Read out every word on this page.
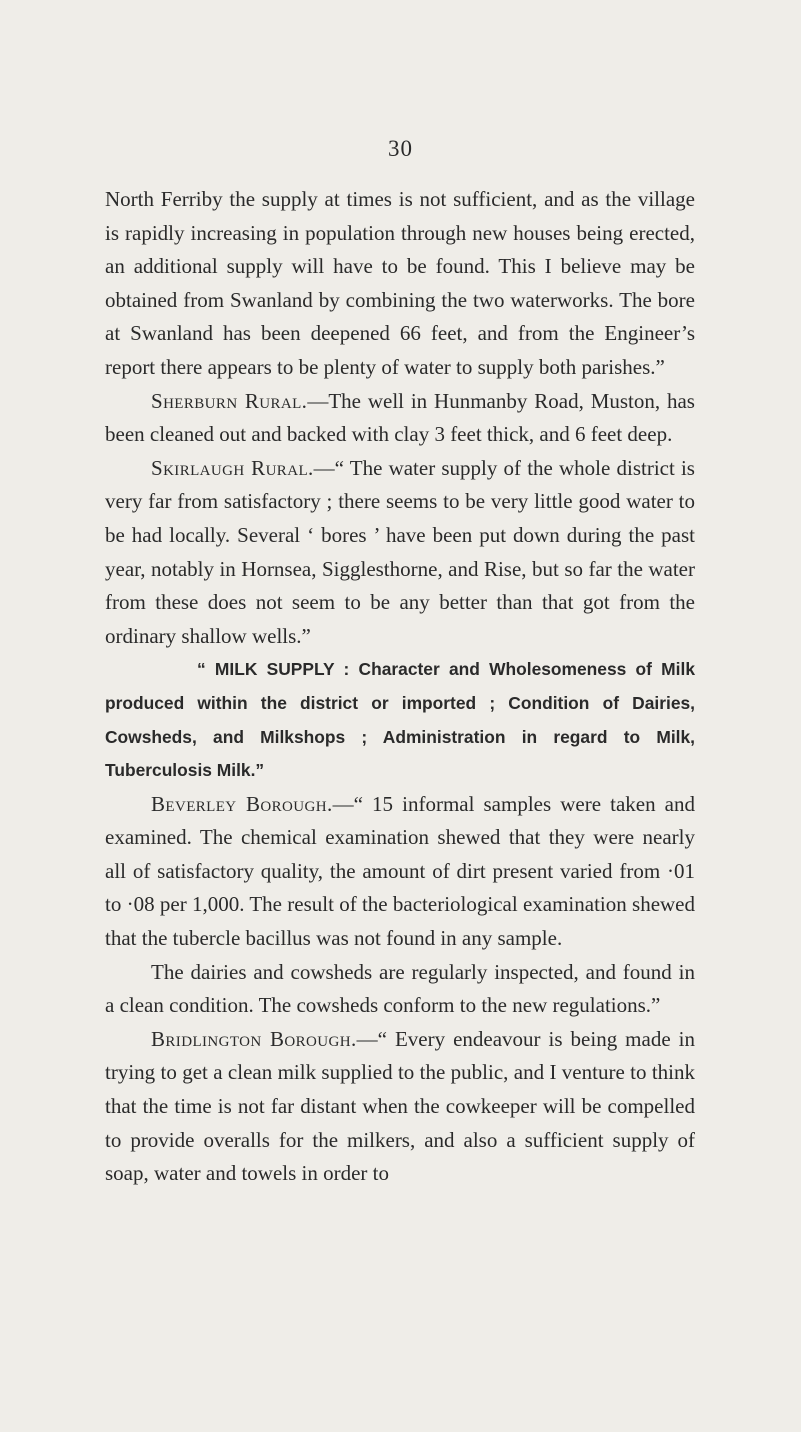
30

North Ferriby the supply at times is not sufficient, and as the village is rapidly increasing in population through new houses being erected, an additional supply will have to be found. This I believe may be obtained from Swanland by combining the two waterworks. The bore at Swanland has been deepened 66 feet, and from the Engineer’s report there appears to be plenty of water to supply both parishes.”

Sherburn Rural.—The well in Hunmanby Road, Muston, has been cleaned out and backed with clay 3 feet thick, and 6 feet deep.

Skirlaugh Rural.—“ The water supply of the whole district is very far from satisfactory ; there seems to be very little good water to be had locally. Several ‘ bores ’ have been put down during the past year, notably in Hornsea, Sigglesthorne, and Rise, but so far the water from these does not seem to be any better than that got from the ordinary shallow wells.”

“ MILK SUPPLY : Character and Wholesomeness of Milk produced within the district or imported ; Condition of Dairies, Cowsheds, and Milkshops ; Administration in regard to Milk, Tuberculosis Milk.”

Beverley Borough.—“ 15 informal samples were taken and examined. The chemical examination shewed that they were nearly all of satisfactory quality, the amount of dirt present varied from ·01 to ·08 per 1,000. The result of the bacteriological examination shewed that the tubercle bacillus was not found in any sample.

The dairies and cowsheds are regularly inspected, and found in a clean condition. The cowsheds conform to the new regulations.”

Bridlington Borough.—“ Every endeavour is being made in trying to get a clean milk supplied to the public, and I venture to think that the time is not far distant when the cowkeeper will be compelled to provide overalls for the milkers, and also a sufficient supply of soap, water and towels in order to
